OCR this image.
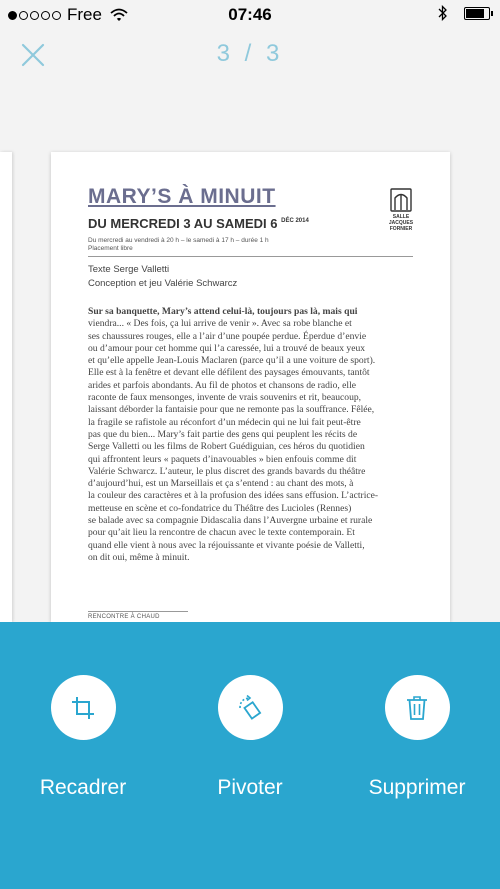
Free	07:46
3 / 3
MARY’S À MINUIT
DU MERCREDI 3 AU SAMEDI 6 $^{DÉC 2014}$
Du mercredi au vendredi à 20 h – le samedi à 17 h – durée 1 h
Placement libre
SALLE
JACQUES
FORNIER
Texte Serge Valletti
Conception et jeu Valérie Schwarcz
Sur sa banquette, Mary’s attend celui-là, toujours pas là, mais qui
viendra... « Des fois, ça lui arrive de venir ». Avec sa robe blanche et
ses chaussures rouges, elle a l’air d’une poupée perdue. Éperdue d’envie
ou d’amour pour cet homme qui l’a caressée, lui a trouvé de beaux yeux
et qu’elle appelle Jean-Louis Maclaren (parce qu’il a une voiture de sport).
Elle est à la fenêtre et devant elle défilent des paysages émouvants, tantôt
arides et parfois abondants. Au fil de photos et chansons de radio, elle
raconte de faux mensonges, invente de vrais souvenirs et rit, beaucoup,
laissant déborder la fantaisie pour que ne remonte pas la souffrance. Fêlée,
la fragile se rafistole au réconfort d’un médecin qui ne lui fait peut-être
pas que du bien... Mary’s fait partie des gens qui peuplent les récits de
Serge Valletti ou les films de Robert Guédiguian, ces héros du quotidien
qui affrontent leurs « paquets d’inavouables » bien enfouis comme dit
Valérie Schwarcz. L’auteur, le plus discret des grands bavards du théâtre
d’aujourd’hui, est un Marseillais et ça s’entend : au chant des mots, à
la couleur des caractères et à la profusion des idées sans effusion. L’actrice-
metteuse en scène et co-fondatrice du Théâtre des Lucioles (Rennes)
se balade avec sa compagnie Didascalia dans l’Auvergne urbaine et rurale
pour qu’ait lieu la rencontre de chacun avec le texte contemporain. Et
quand elle vient à nous avec la réjouissante et vivante poésie de Valletti,
on dit oui, même à minuit.
RENCONTRE À CHAUD
Recadrer	Pivoter	Supprimer
